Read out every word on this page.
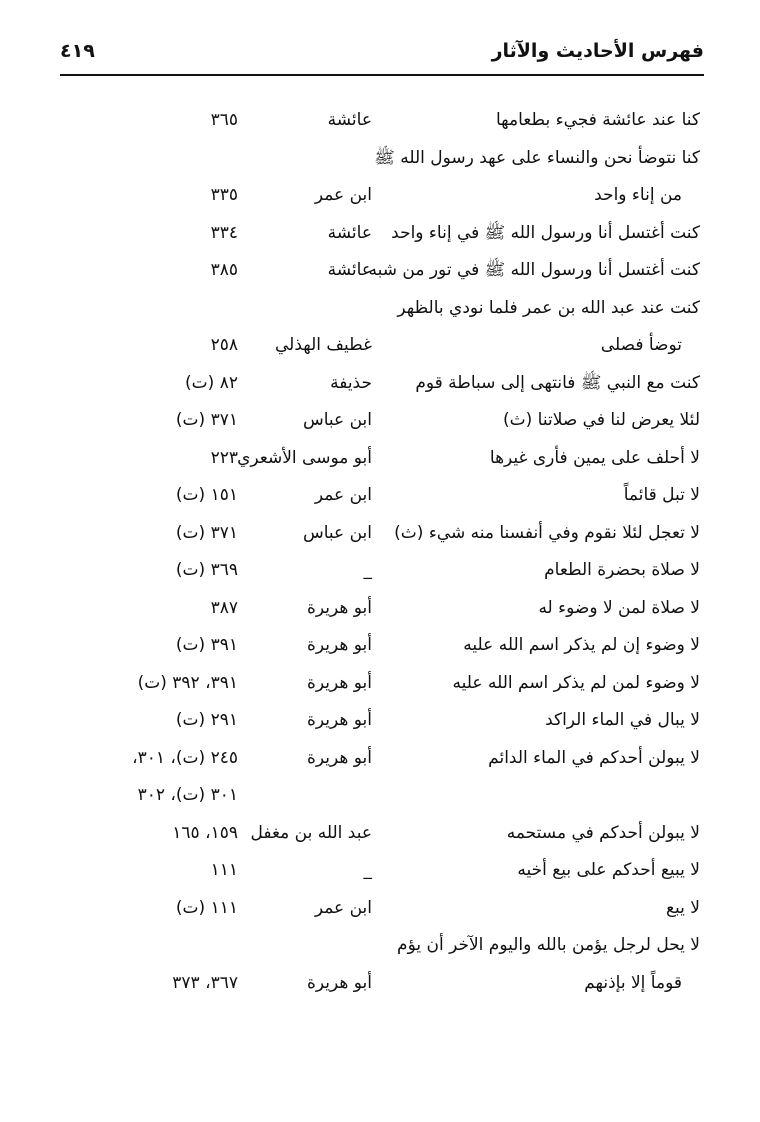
فهرس الأحاديث والآثار
٤١٩
كنا عند عائشة فجيء بطعامها
عائشة
٣٦٥
كنا نتوضأ نحن والنساء على عهد رسول الله ﷺ
من إناء واحد
ابن عمر
٣٣٥
كنت أغتسل أنا ورسول الله ﷺ في إناء واحد
عائشة
٣٣٤
كنت أغتسل أنا ورسول الله ﷺ في تور من شبه
عائشة
٣٨٥
كنت عند عبد الله بن عمر فلما نودي بالظهر
توضأ فصلى
غطيف الهذلي
٢٥٨
كنت مع النبي ﷺ فانتهى إلى سباطة قوم
حذيفة
٨٢ (ت)
لئلا يعرض لنا في صلاتنا (ث)
ابن عباس
٣٧١ (ت)
لا أحلف على يمين فأرى غيرها
أبو موسى الأشعري
٢٢٣
لا تبل قائماً
ابن عمر
١٥١ (ت)
لا تعجل لئلا نقوم وفي أنفسنا منه شيء (ث)
ابن عباس
٣٧١ (ت)
لا صلاة بحضرة الطعام
_
٣٦٩ (ت)
لا صلاة لمن لا وضوء له
أبو هريرة
٣٨٧
لا وضوء إن لم يذكر اسم الله عليه
أبو هريرة
٣٩١ (ت)
لا وضوء لمن لم يذكر اسم الله عليه
أبو هريرة
٣٩١، ٣٩٢ (ت)
لا يبال في الماء الراكد
أبو هريرة
٢٩١ (ت)
لا يبولن أحدكم في الماء الدائم
أبو هريرة
٢٤٥ (ت)، ٣٠١،
٣٠١ (ت)، ٣٠٢
لا يبولن أحدكم في مستحمه
عبد الله بن مغفل
١٥٩، ١٦٥
لا يبيع أحدكم على بيع أخيه
_
١١١
لا يبع
ابن عمر
١١١ (ت)
لا يحل لرجل يؤمن بالله واليوم الآخر أن يؤم
قوماً إلا بإذنهم
أبو هريرة
٣٦٧، ٣٧٣
